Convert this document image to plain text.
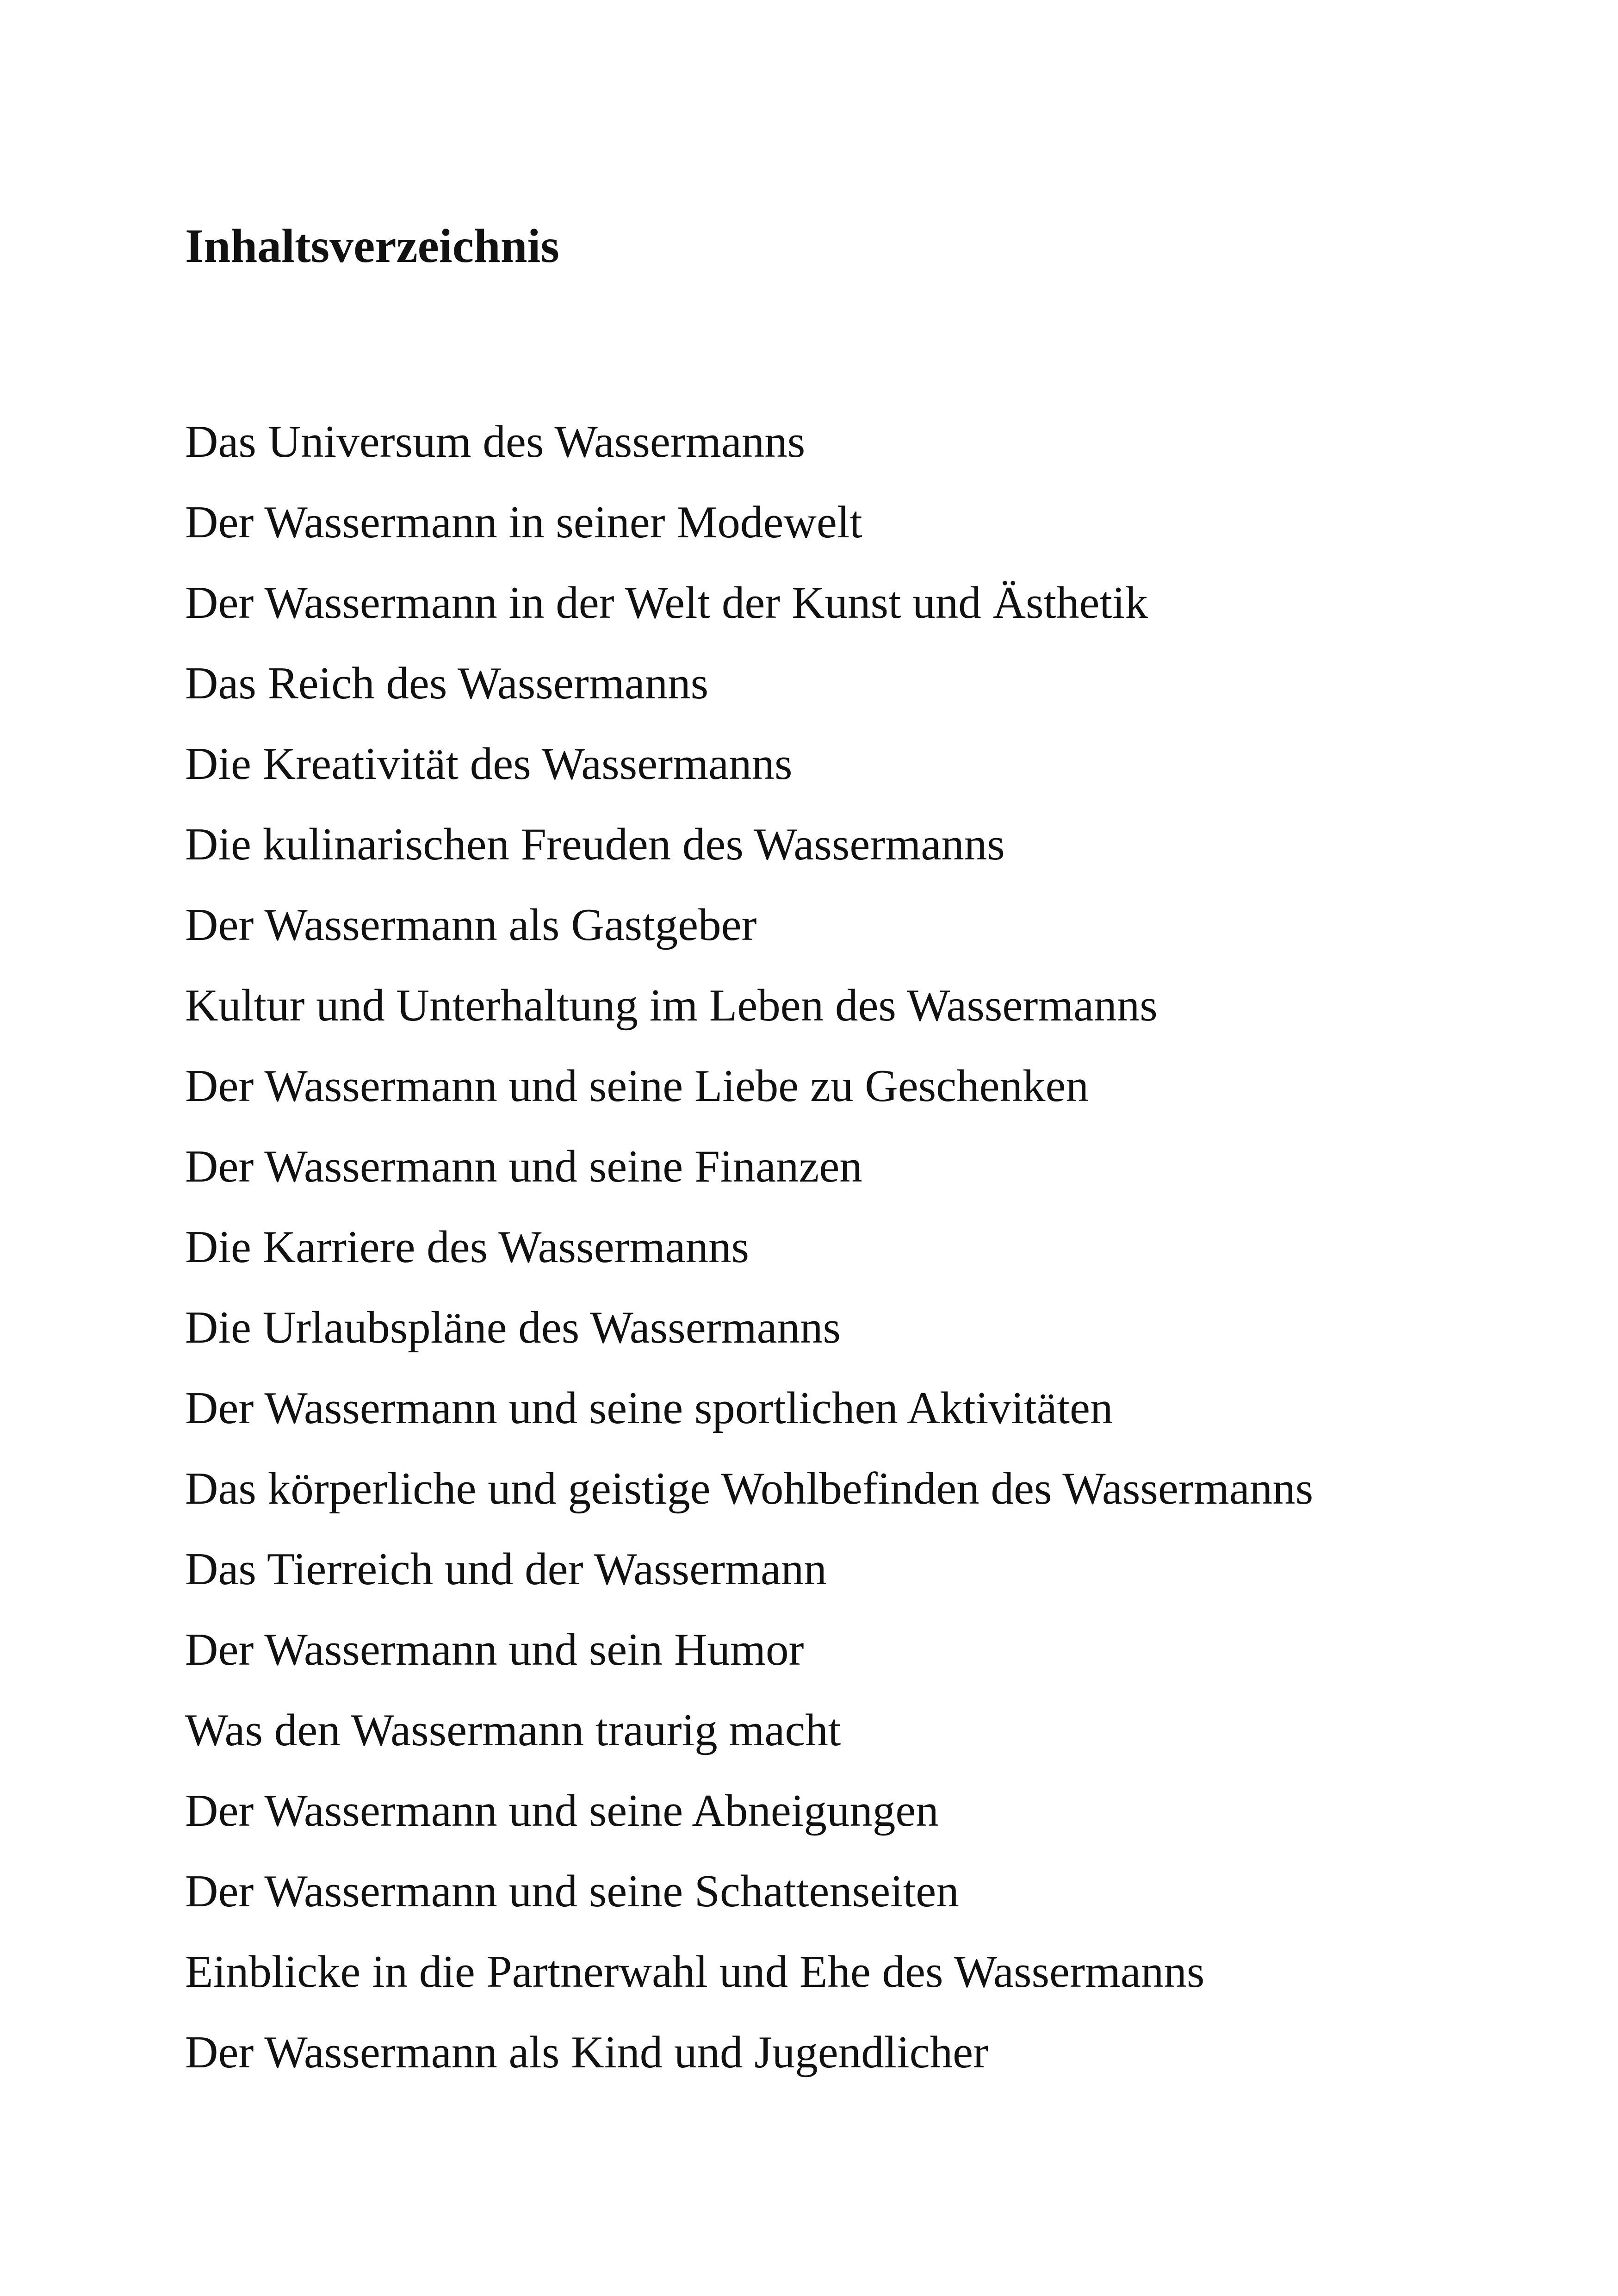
Inhaltsverzeichnis
Das Universum des Wassermanns
Der Wassermann in seiner Modewelt
Der Wassermann in der Welt der Kunst und Ästhetik
Das Reich des Wassermanns
Die Kreativität des Wassermanns
Die kulinarischen Freuden des Wassermanns
Der Wassermann als Gastgeber
Kultur und Unterhaltung im Leben des Wassermanns
Der Wassermann und seine Liebe zu Geschenken
Der Wassermann und seine Finanzen
Die Karriere des Wassermanns
Die Urlaubspläne des Wassermanns
Der Wassermann und seine sportlichen Aktivitäten
Das körperliche und geistige Wohlbefinden des Wassermanns
Das Tierreich und der Wassermann
Der Wassermann und sein Humor
Was den Wassermann traurig macht
Der Wassermann und seine Abneigungen
Der Wassermann und seine Schattenseiten
Einblicke in die Partnerwahl und Ehe des Wassermanns
Der Wassermann als Kind und Jugendlicher
